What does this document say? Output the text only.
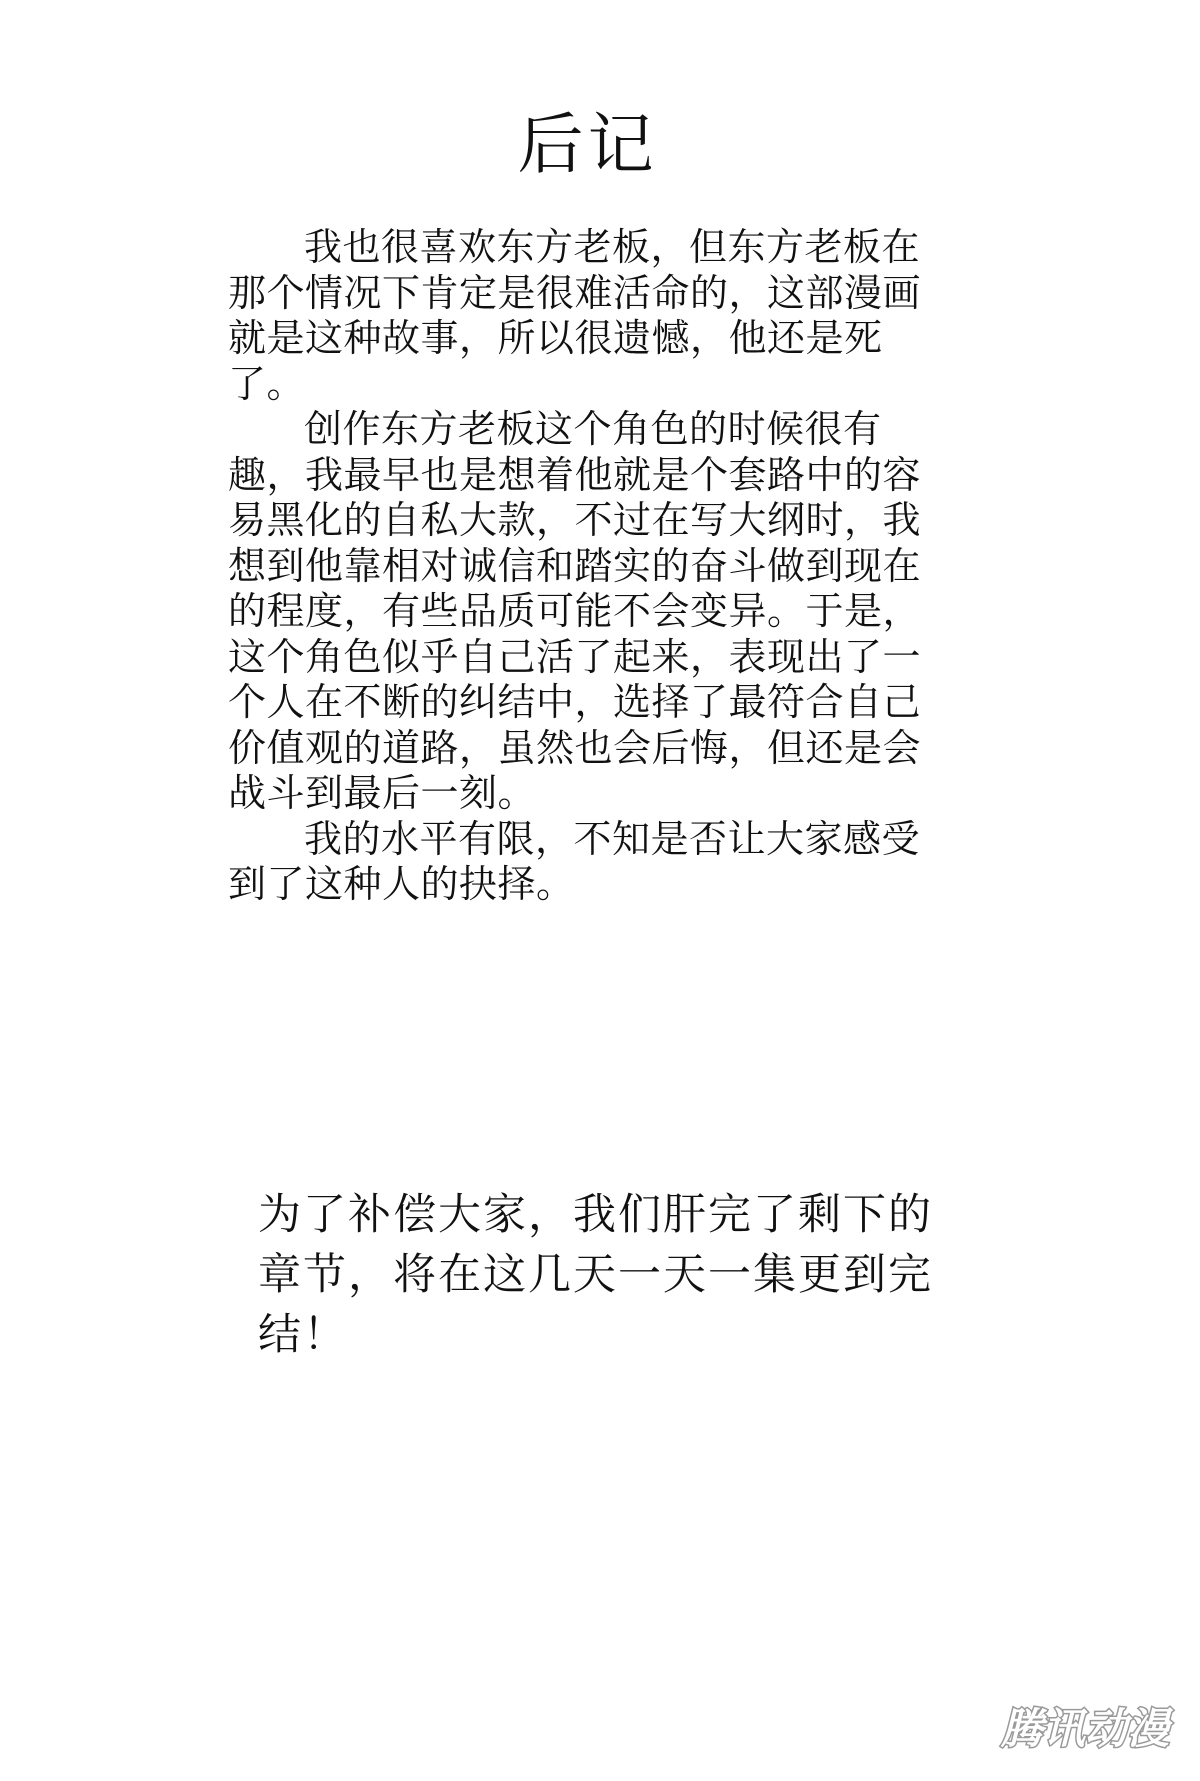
后记

我也很喜欢东方老板，但东方老板在那个情况下肯定是很难活命的，这部漫画就是这种故事，所以很遗憾，他还是死了。

创作东方老板这个角色的时候很有趣，我最早也是想着他就是个套路中的容易黑化的自私大款，不过在写大纲时，我想到他靠相对诚信和踏实的奋斗做到现在的程度，有些品质可能不会变异。于是，这个角色似乎自己活了起来，表现出了一个人在不断的纠结中，选择了最符合自己价值观的道路，虽然也会后悔，但还是会战斗到最后一刻。

我的水平有限，不知是否让大家感受到了这种人的抉择。

为了补偿大家，我们肝完了剩下的章节，将在这几天一天一集更到完结！
腾讯动漫
